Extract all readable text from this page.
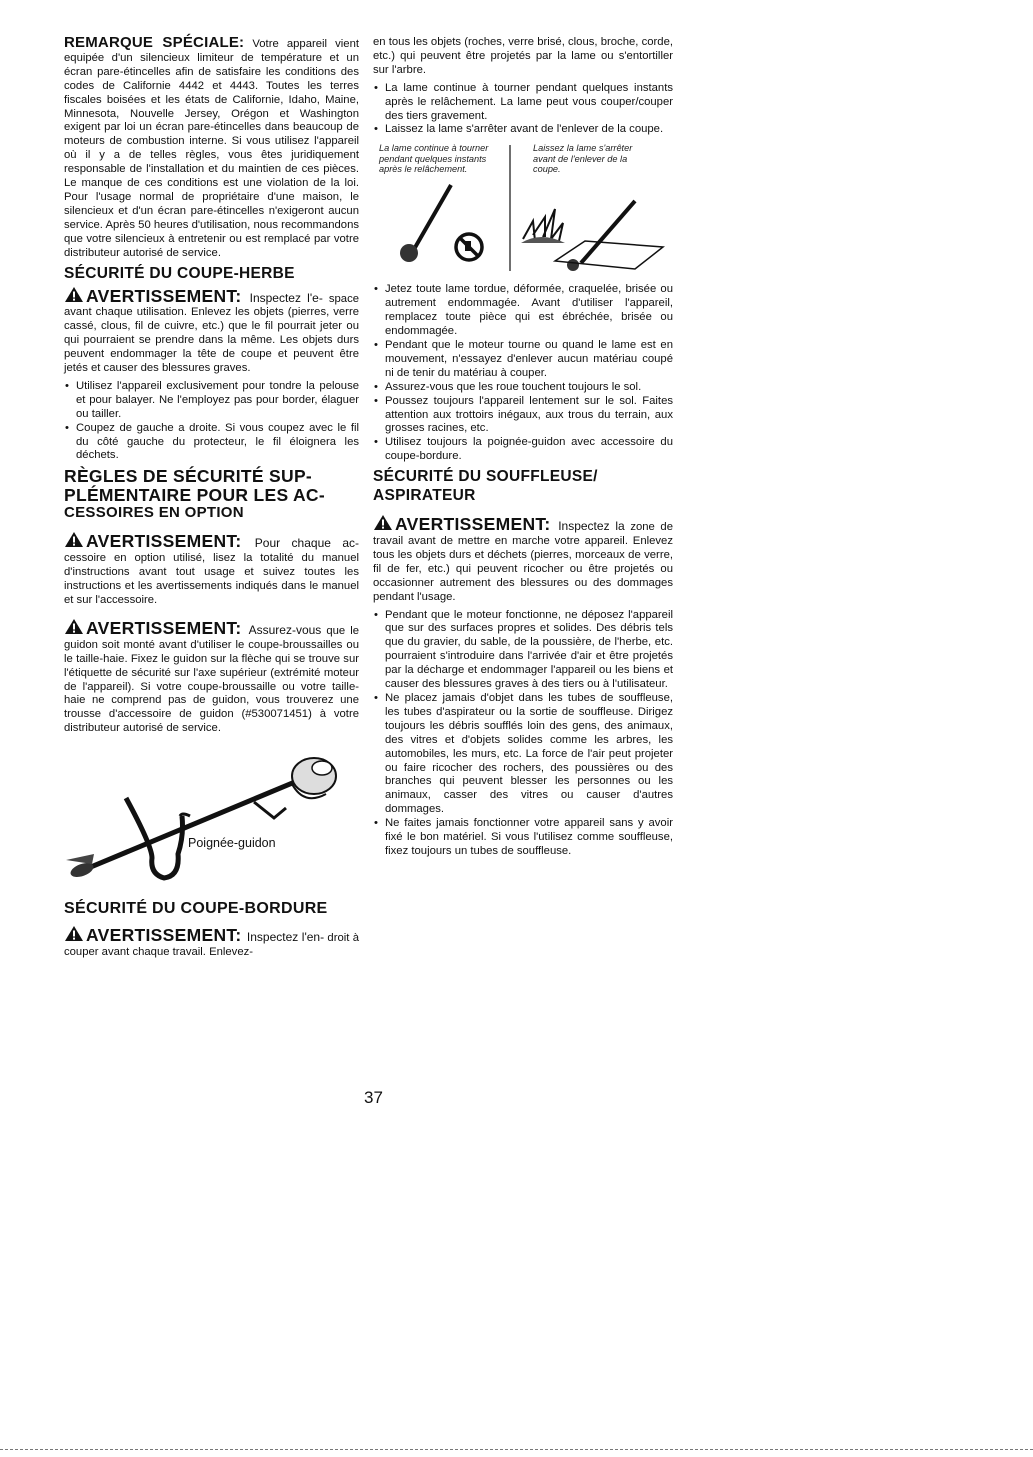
REMARQUE SPÉCIALE: Votre appareil vient equipée d'un silencieux limiteur de température et un écran pare-étincelles afin de satisfaire les conditions des codes de Californie 4442 et 4443. Toutes les terres fiscales boisées et les états de Californie, Idaho, Maine, Minnesota, Nouvelle Jersey, Orégon et Washington exigent par loi un écran pare-étincelles dans beaucoup de moteurs de combustion interne. Si vous utilisez l'appareil où il y a de telles règles, vous êtes juridiquement responsable de l'installation et du maintien de ces pièces. Le manque de ces conditions est une violation de la loi. Pour l'usage normal de propriétaire d'une maison, le silencieux et d'un écran pare-étincelles n'exigeront aucun service. Après 50 heures d'utilisation, nous recommandons que votre silencieux à entretenir ou est remplacé par votre distributeur autorisé de service.

SÉCURITÉ DU COUPE-HERBE

AVERTISSEMENT: Inspectez l'e- space avant chaque utilisation. Enlevez les objets (pierres, verre cassé, clous, fil de cuivre, etc.) que le fil pourrait jeter ou qui pourraient se prendre dans la même. Les objets durs peuvent endommager la tête de coupe et peuvent être jetés et causer des blessures graves.

• Utilisez l'appareil exclusivement pour tondre la pelouse et pour balayer. Ne l'employez pas pour border, élaguer ou tailler.
• Coupez de gauche a droite. Si vous coupez avec le fil du côté gauche du protecteur, le fil éloignera les déchets.
RÈGLES DE SÉCURITÉ SUP-
PLÉMENTAIRE POUR LES AC-
CESSOIRES EN OPTION

AVERTISSEMENT: Pour chaque ac- cessoire en option utilisé, lisez la totalité du manuel d'instructions avant tout usage et suivez toutes les instructions et les avertissements indiqués dans le manuel et sur l'accessoire.

AVERTISSEMENT: Assurez-vous que le guidon soit monté avant d'utiliser le coupe-broussailles ou le taille-haie. Fixez le guidon sur la flèche qui se trouve sur l'étiquette de sécurité sur l'axe supérieur (extrémité moteur de l'appareil). Si votre coupe-broussaille ou votre taille-haie ne comprend pas de guidon, vous trouverez une trousse d'accessoire de guidon (#530071451) à votre distributeur autorisé de service.

Poignée-guidon
SÉCURITÉ DU COUPE-BORDURE

AVERTISSEMENT: Inspectez l'en- droit à couper avant chaque travail. Enlevez-

en tous les objets (roches, verre brisé, clous, broche, corde, etc.) qui peuvent être projetés par la lame ou s'entortiller sur l'arbre.

• La lame continue à tourner pendant quelques instants après le relâchement. La lame peut vous couper/couper des tiers gravement.
• Laissez la lame s'arrêter avant de l'enlever de la coupe.
La lame continue à tourner pendant quelques instants après le relâchement.
Laissez la lame s'arrêter avant de l'enlever de la coupe.
• Jetez toute lame tordue, déformée, craquelée, brisée ou autrement endommagée. Avant d'utiliser l'appareil, remplacez toute pièce qui est ébréchée, brisée ou endommagée.
• Pendant que le moteur tourne ou quand le lame est en mouvement, n'essayez d'enlever aucun matériau coupé ni de tenir du matériau à couper.
• Assurez-vous que les roue touchent toujours le sol.
• Poussez toujours l'appareil lentement sur le sol. Faites attention aux trottoirs inégaux, aux trous du terrain, aux grosses racines, etc.
• Utilisez toujours la poignée-guidon avec accessoire du coupe-bordure.
SÉCURITÉ DU SOUFFLEUSE/
ASPIRATEUR

AVERTISSEMENT: Inspectez la zone de travail avant de mettre en marche votre appareil. Enlevez tous les objets durs et déchets (pierres, morceaux de verre, fil de fer, etc.) qui peuvent ricocher ou être projetés ou occasionner autrement des blessures ou des dommages pendant l'usage.

• Pendant que le moteur fonctionne, ne déposez l'appareil que sur des surfaces propres et solides. Des débris tels que du gravier, du sable, de la poussière, de l'herbe, etc. pourraient s'introduire dans l'arrivée d'air et être projetés par la décharge et endommager l'appareil ou les biens et causer des blessures graves à des tiers ou à l'utilisateur.
• Ne placez jamais d'objet dans les tubes de souffleuse, les tubes d'aspirateur ou la sortie de souffleuse. Dirigez toujours les débris soufflés loin des gens, des animaux, des vitres et d'objets solides comme les arbres, les automobiles, les murs, etc. La force de l'air peut projeter ou faire ricocher des rochers, des poussières ou des branches qui peuvent blesser les personnes ou les animaux, casser des vitres ou causer d'autres dommages.
• Ne faites jamais fonctionner votre appareil sans y avoir fixé le bon matériel. Si vous l'utilisez comme souffleuse, fixez toujours un tubes de souffleuse.
37
